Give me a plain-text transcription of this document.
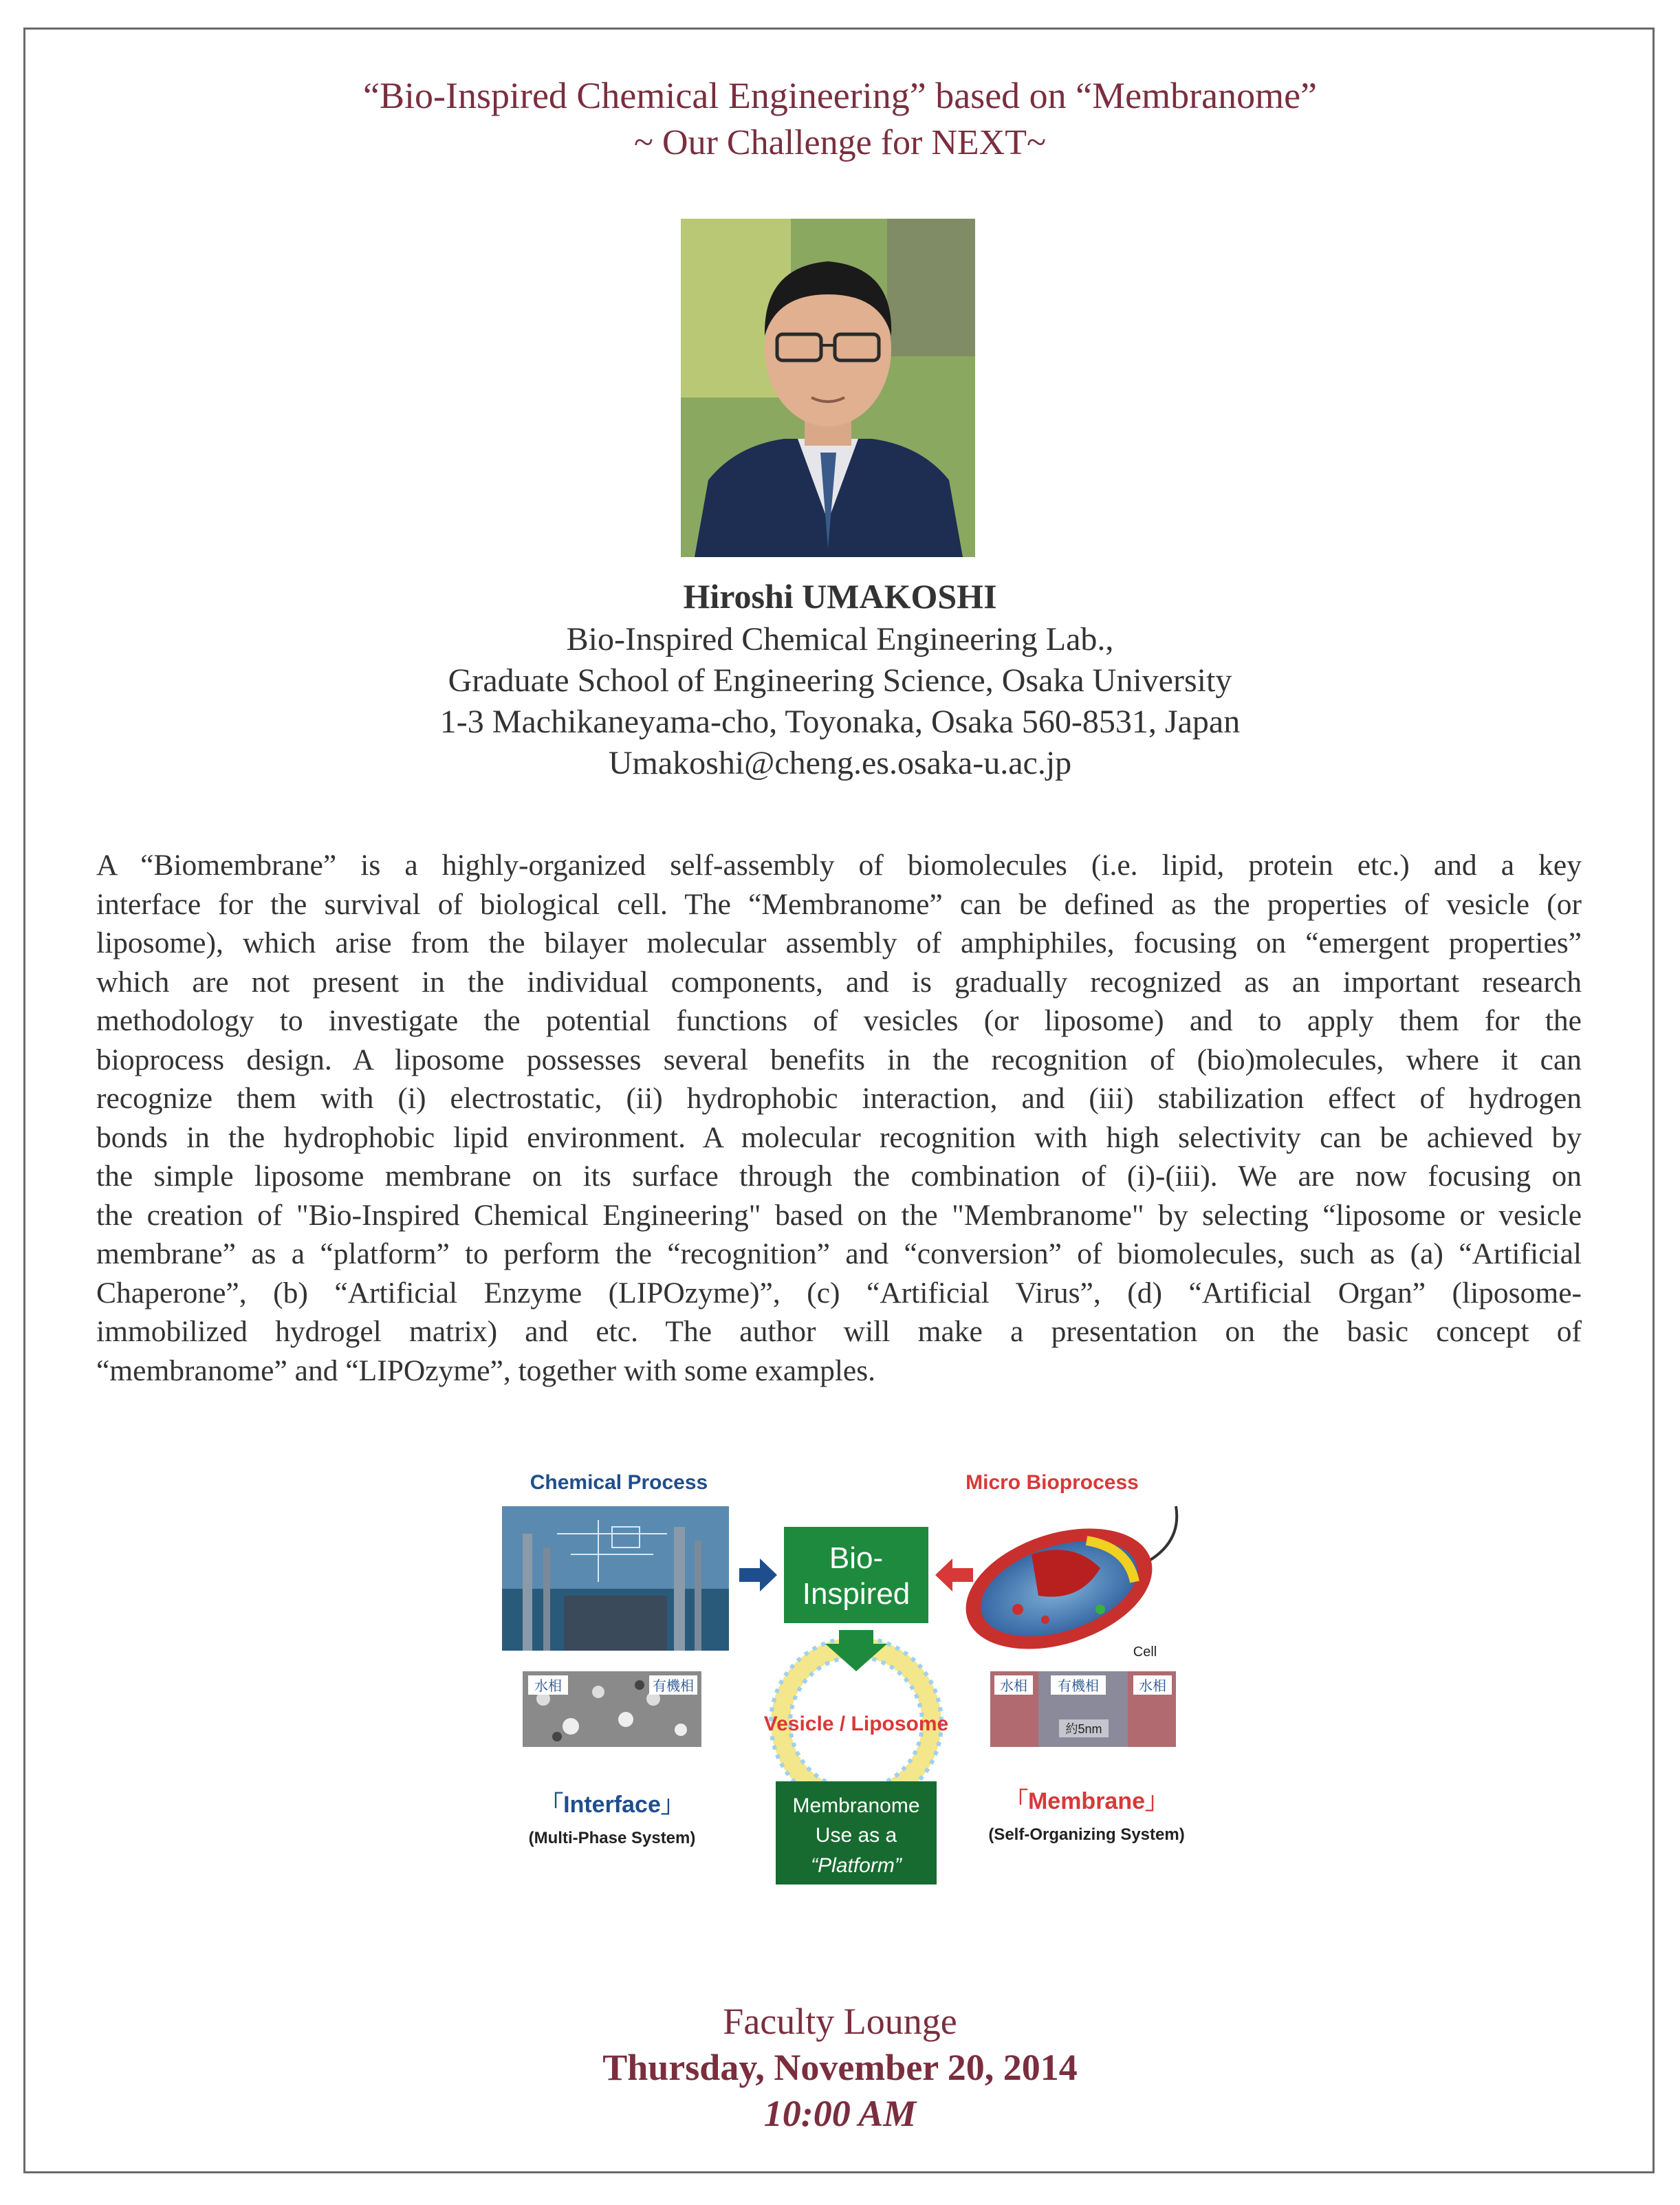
“Bio-Inspired Chemical Engineering” based on “Membranome”
~ Our Challenge for NEXT~
Hiroshi UMAKOSHI
Bio-Inspired Chemical Engineering Lab.,
Graduate School of Engineering Science, Osaka University
1-3 Machikaneyama-cho, Toyonaka, Osaka 560-8531, Japan
Umakoshi@cheng.es.osaka-u.ac.jp
A “Biomembrane” is a highly-organized self-assembly of biomolecules (i.e. lipid, protein etc.) and a key
interface for the survival of biological cell. The “Membranome” can be defined as the properties of vesicle (or
liposome), which arise from the bilayer molecular assembly of amphiphiles, focusing on “emergent properties”
which are not present in the individual components, and is gradually recognized as an important research
methodology to investigate the potential functions of vesicles (or liposome) and to apply them for the
bioprocess design. A liposome possesses several benefits in the recognition of (bio)molecules, where it can
recognize them with (i) electrostatic, (ii) hydrophobic interaction, and (iii) stabilization effect of hydrogen
bonds in the hydrophobic lipid environment. A molecular recognition with high selectivity can be achieved by
the simple liposome membrane on its surface through the combination of (i)-(iii). We are now focusing on
the creation of "Bio-Inspired Chemical Engineering" based on the "Membranome" by selecting “liposome or vesicle
membrane” as a “platform” to perform the “recognition” and “conversion” of biomolecules, such as (a) “Artificial
Chaperone”, (b) “Artificial Enzyme (LIPOzyme)”, (c) “Artificial Virus”, (d) “Artificial Organ” (liposome-
immobilized hydrogel matrix) and etc. The author will make a presentation on the basic concept of
“membranome” and “LIPOzyme”, together with some examples.
Chemical Process
Bio-
Inspired
Micro Bioprocess
Cell
水相	有機相
Vesicle / Liposome
水相 有機相	水相
約5nm
「Interface」
(Multi-Phase System)
Membranome
Use as a
“Platform”
「Membrane」
(Self-Organizing System)
Faculty Lounge
Thursday, November 20, 2014
10:00 AM
